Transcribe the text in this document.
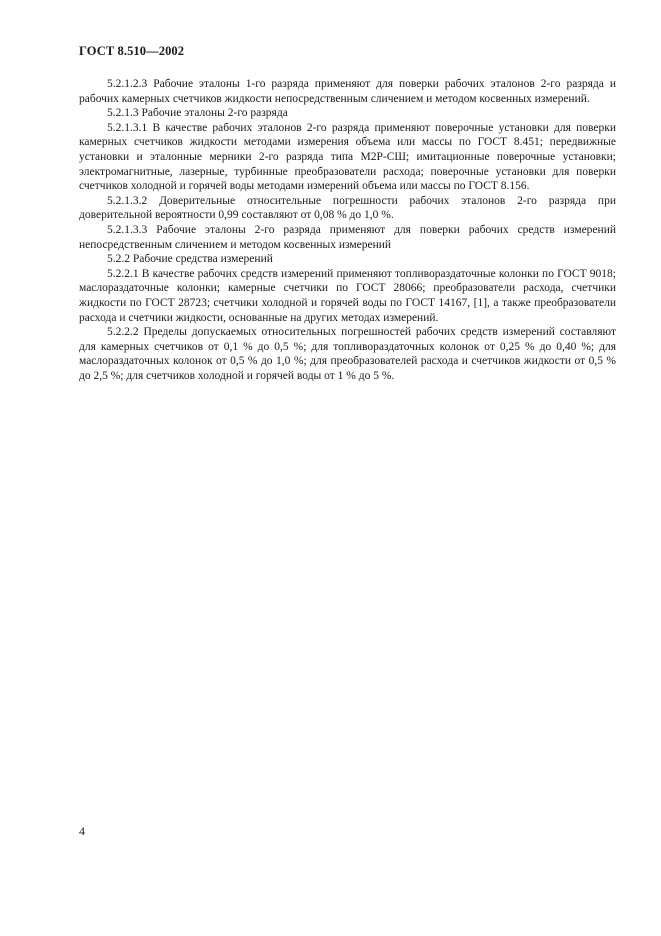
ГОСТ 8.510—2002

5.2.1.2.3 Рабочие эталоны 1-го разряда применяют для поверки рабочих эталонов 2-го разряда и рабочих камерных счетчиков жидкости непосредственным сличением и методом косвенных измерений.

5.2.1.3 Рабочие эталоны 2-го разряда

5.2.1.3.1 В качестве рабочих эталонов 2-го разряда применяют поверочные установки для поверки камерных счетчиков жидкости методами измерения объема или массы по ГОСТ 8.451; передвижные установки и эталонные мерники 2-го разряда типа М2Р-СШ; имитационные поверочные установки; электромагнитные, лазерные, турбинные преобразователи расхода; поверочные установки для поверки счетчиков холодной и горячей воды методами измерений объема или массы по ГОСТ 8.156.

5.2.1.3.2 Доверительные относительные погрешности рабочих эталонов 2-го разряда при доверительной вероятности 0,99 составляют от 0,08 % до 1,0 %.

5.2.1.3.3 Рабочие эталоны 2-го разряда применяют для поверки рабочих средств измерений непосредственным сличением и методом косвенных измерений

5.2.2 Рабочие средства измерений

5.2.2.1 В качестве рабочих средств измерений применяют топливораздаточные колонки по ГОСТ 9018; маслораздаточные колонки; камерные счетчики по ГОСТ 28066; преобразователи расхода, счетчики жидкости по ГОСТ 28723; счетчики холодной и горячей воды по ГОСТ 14167, [1], а также преобразователи расхода и счетчики жидкости, основанные на других методах измерений.

5.2.2.2 Пределы допускаемых относительных погрешностей рабочих средств измерений составляют для камерных счетчиков от 0,1 % до 0,5 %; для топливораздаточных колонок от 0,25 % до 0,40 %; для маслораздаточных колонок от 0,5 % до 1,0 %; для преобразователей расхода и счетчиков жидкости от 0,5 % до 2,5 %; для счетчиков холодной и горячей воды от 1 % до 5 %.

4
